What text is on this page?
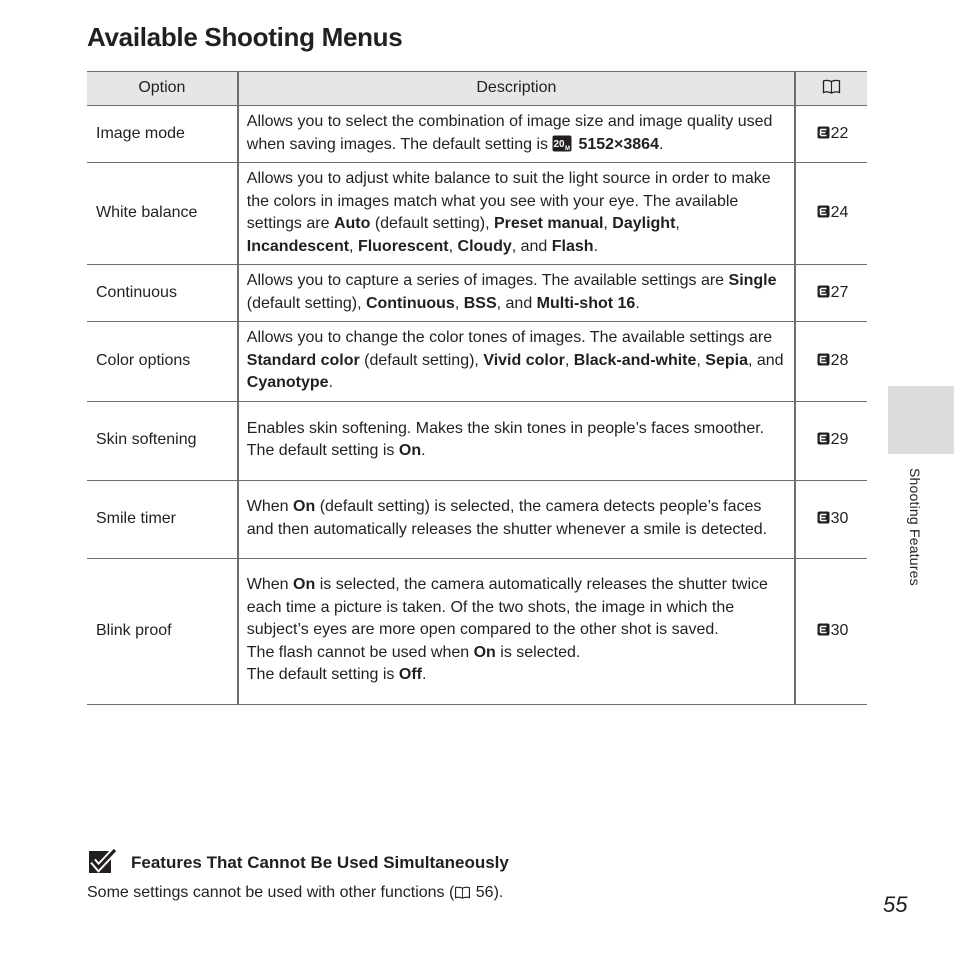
Available Shooting Menus
Option	Description	
Image mode	Allows you to select the combination of image size and image quality used when saving images. The default setting is 20 M 5152×3864.	22
White balance	Allows you to adjust white balance to suit the light source in order to make the colors in images match what you see with your eye. The available settings are Auto (default setting), Preset manual, Daylight, Incandescent, Fluorescent, Cloudy, and Flash.	24
Continuous	Allows you to capture a series of images. The available settings are Single (default setting), Continuous, BSS, and Multi-shot 16.	27
Color options	Allows you to change the color tones of images. The available settings are Standard color (default setting), Vivid color, Black-and-white, Sepia, and Cyanotype.	28
Skin softening	Enables skin softening. Makes the skin tones in people’s faces smoother.
The default setting is On.	29
Smile timer	When On (default setting) is selected, the camera detects people’s faces and then automatically releases the shutter whenever a smile is detected.	30
Blink proof	When On is selected, the camera automatically releases the shutter twice each time a picture is taken. Of the two shots, the image in which the subject’s eyes are more open compared to the other shot is saved.
The flash cannot be used when On is selected.
The default setting is Off.	30
Shooting Features
Features That Cannot Be Used Simultaneously

Some settings cannot be used with other functions ( 56).	55
